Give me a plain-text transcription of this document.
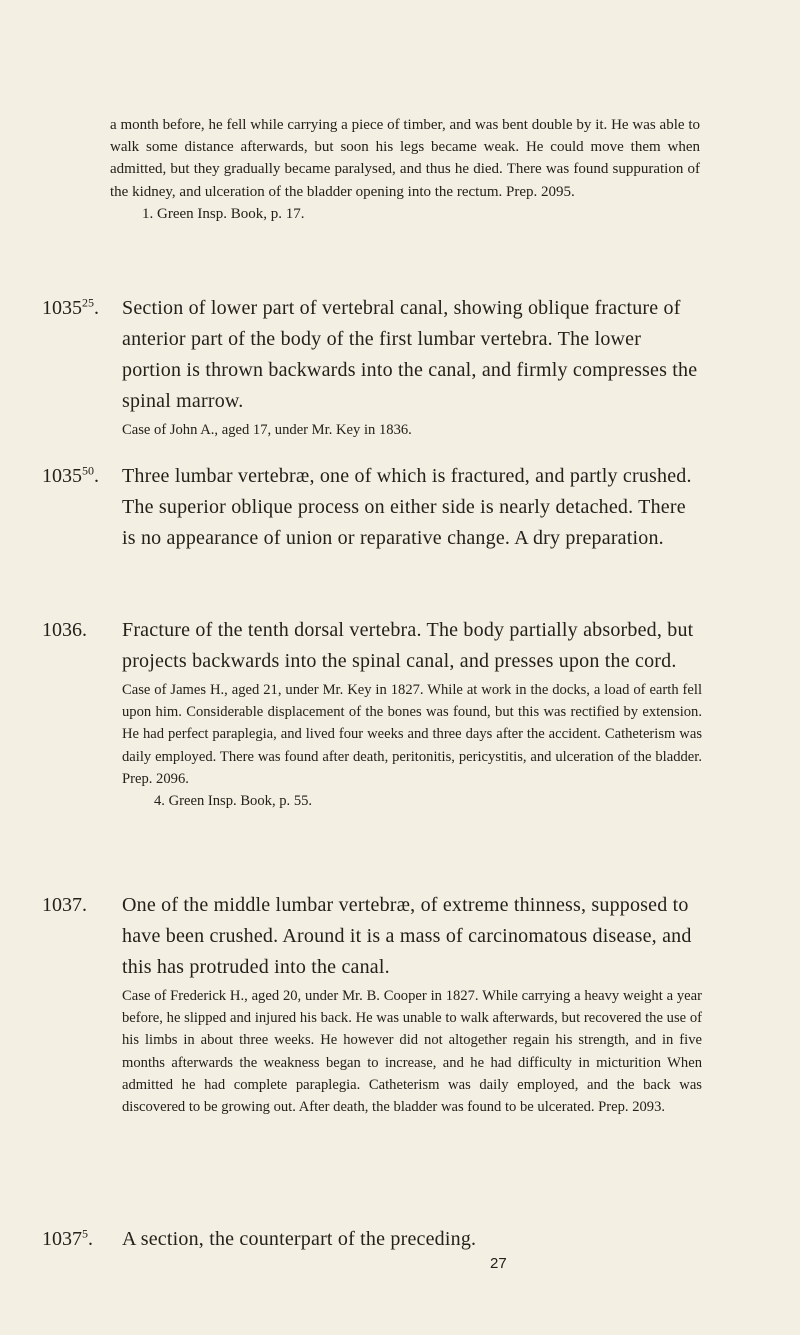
a month before, he fell while carrying a piece of timber, and was bent double by it. He was able to walk some distance afterwards, but soon his legs became weak. He could move them when admitted, but they gradually became paralysed, and thus he died. There was found suppuration of the kidney, and ulceration of the bladder opening into the rectum. Prep. 2095.

1. Green Insp. Book, p. 17.

1035$^{25}$.	Section of lower part of vertebral canal, showing oblique fracture of anterior part of the body of the first lumbar vertebra. The lower portion is thrown backwards into the canal, and firmly compresses the spinal marrow.
Case of John A., aged 17, under Mr. Key in 1836.
1035$^{50}$.	Three lumbar vertebræ, one of which is fractured, and partly crushed. The superior oblique process on either side is nearly detached. There is no appearance of union or reparative change. A dry preparation.
1036.	Fracture of the tenth dorsal vertebra. The body partially absorbed, but projects backwards into the spinal canal, and presses upon the cord.
Case of James H., aged 21, under Mr. Key in 1827. While at work in the docks, a load of earth fell upon him. Considerable displacement of the bones was found, but this was rectified by extension. He had perfect paraplegia, and lived four weeks and three days after the accident. Catheterism was daily employed. There was found after death, peritonitis, pericystitis, and ulceration of the bladder. Prep. 2096.
4. Green Insp. Book, p. 55.
1037.	One of the middle lumbar vertebræ, of extreme thinness, supposed to have been crushed. Around it is a mass of carcinomatous disease, and this has protruded into the canal.
Case of Frederick H., aged 20, under Mr. B. Cooper in 1827. While carrying a heavy weight a year before, he slipped and injured his back. He was unable to walk afterwards, but recovered the use of his limbs in about three weeks. He however did not altogether regain his strength, and in five months afterwards the weakness began to increase, and he had difficulty in micturition When admitted he had complete paraplegia. Catheterism was daily employed, and the back was discovered to be growing out. After death, the bladder was found to be ulcerated. Prep. 2093.
1037$^5$.	A section, the counterpart of the preceding.
27
